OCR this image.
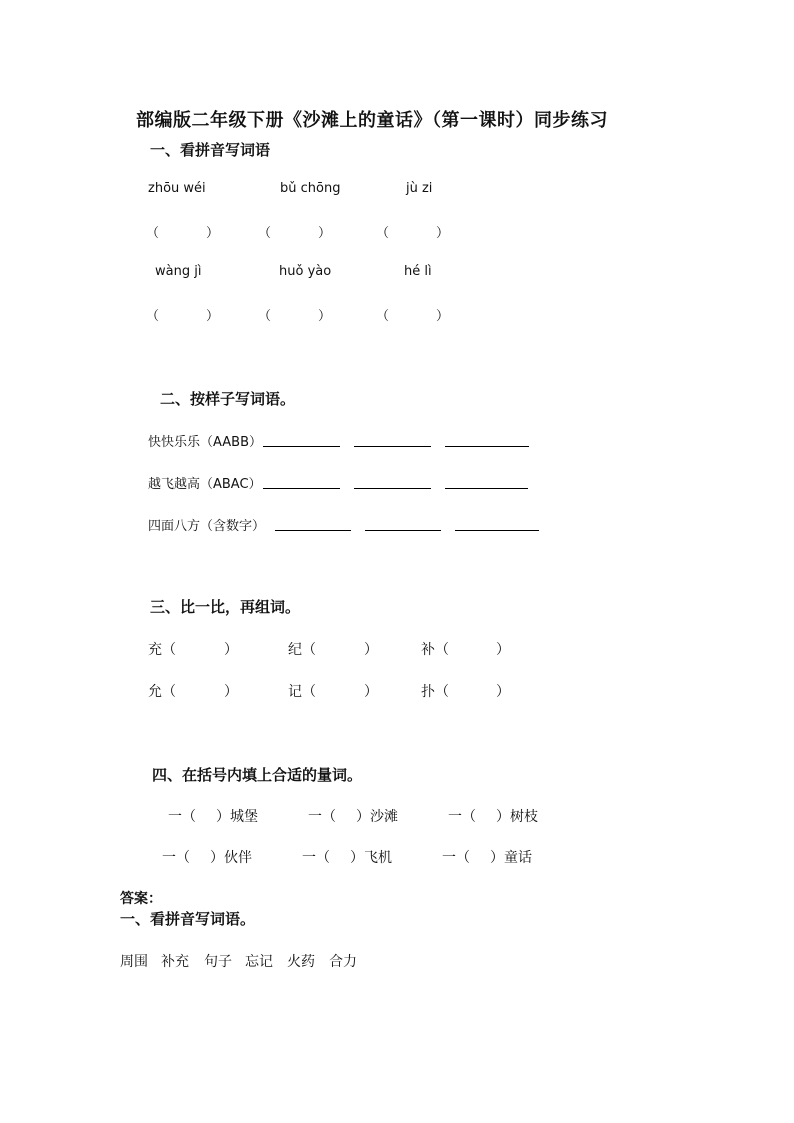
部编版二年级下册《沙滩上的童话》（第一课时）同步练习
一、看拼音写词语
zhōu wéi	bǔ chōng	jù zi
（	）	（	）	（	）
wàng jì	huǒ yào	hé lì
（	）	（	）	（	）
二、按样子写词语。
快快乐乐（AABB）
越飞越高（ABAC）
四面八方（含数字）
三、比一比，再组词。
充（	）	纪（	）	补（	）
允（	）	记（	）	扑（	）
四、在括号内填上合适的量词。
一（ ）城堡	一（ ）沙滩	一（ ）树枝
一（ ）伙伴	一（ ）飞机	一（ ）童话
答案：
一、看拼音写词语。
周围 补充 句子 忘记 火药 合力
